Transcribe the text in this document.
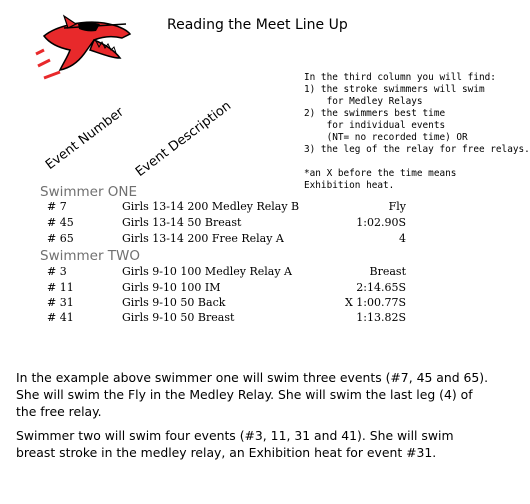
Reading the Meet Line Up
In the third column you will find:
1) the stroke swimmers will swim
for Medley Relays
2) the swimmers best time
for individual events
(NT= no recorded time) OR
3) the leg of the relay for free relays.

*an X before the time means
Exhibition heat.
Event Number Event Description
Swimmer ONE
# 7	Girls 13-14 200 Medley Relay B	Fly
# 45	Girls 13-14 50 Breast	1:02.90S
# 65	Girls 13-14 200 Free Relay A	4
Swimmer TWO
# 3	Girls 9-10 100 Medley Relay A	Breast
# 11	Girls 9-10 100 IM	2:14.65S
# 31	Girls 9-10 50 Back	X 1:00.77S
# 41	Girls 9-10 50 Breast	1:13.82S

In the example above swimmer one will swim three events (#7, 45 and 65). She will swim the Fly in the Medley Relay. She will swim the last leg (4) of the free relay.

Swimmer two will swim four events (#3, 11, 31 and 41). She will swim breast stroke in the medley relay, an Exhibition heat for event #31.
